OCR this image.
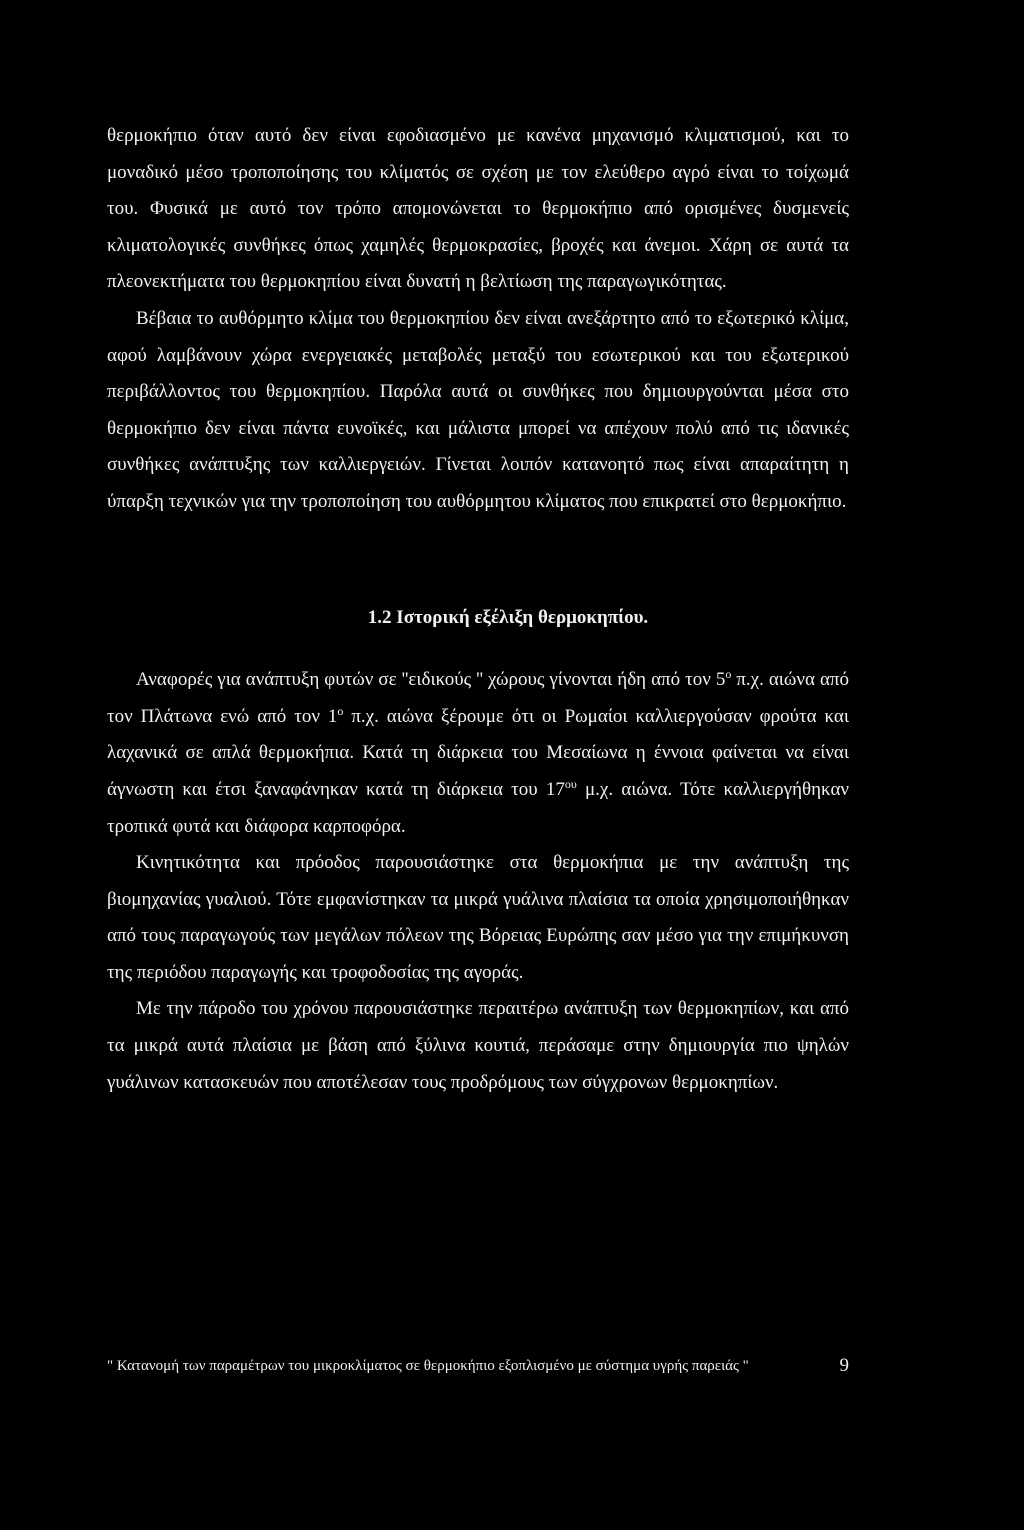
θερμοκήπιο όταν αυτό δεν είναι εφοδιασμένο με κανένα μηχανισμό κλιματισμού, και το μοναδικό μέσο τροποποίησης του κλίματός σε σχέση με τον ελεύθερο αγρό είναι το τοίχωμά του. Φυσικά με αυτό τον τρόπο απομονώνεται το θερμοκήπιο από ορισμένες δυσμενείς κλιματολογικές συνθήκες όπως χαμηλές θερμοκρασίες, βροχές και άνεμοι. Χάρη σε αυτά τα πλεονεκτήματα του θερμοκηπίου είναι δυνατή η βελτίωση της παραγωγικότητας.

Βέβαια το αυθόρμητο κλίμα του θερμοκηπίου δεν είναι ανεξάρτητο από το εξωτερικό κλίμα, αφού λαμβάνουν χώρα ενεργειακές μεταβολές μεταξύ του εσωτερικού και του εξωτερικού περιβάλλοντος του θερμοκηπίου. Παρόλα αυτά οι συνθήκες που δημιουργούνται μέσα στο θερμοκήπιο δεν είναι πάντα ευνοϊκές, και μάλιστα μπορεί να απέχουν πολύ από τις ιδανικές συνθήκες ανάπτυξης των καλλιεργειών. Γίνεται λοιπόν κατανοητό πως είναι απαραίτητη η ύπαρξη τεχνικών για την τροποποίηση του αυθόρμητου κλίματος που επικρατεί στο θερμοκήπιο.

1.2 Ιστορική εξέλιξη θερμοκηπίου.

Αναφορές για ανάπτυξη φυτών σε ''ειδικούς '' χώρους γίνονται ήδη από τον $5^o$ π.χ. αιώνα από τον Πλάτωνα ενώ από τον $1^o$ π.χ. αιώνα ξέρουμε ότι οι Ρωμαίοι καλλιεργούσαν φρούτα και λαχανικά σε απλά θερμοκήπια. Κατά τη διάρκεια του Μεσαίωνα η έννοια φαίνεται να είναι άγνωστη και έτσι ξαναφάνηκαν κατά τη διάρκεια του $17^{o\upsilon}$ μ.χ. αιώνα. Τότε καλλιεργήθηκαν τροπικά φυτά και διάφορα καρποφόρα.

Κινητικότητα και πρόοδος παρουσιάστηκε στα θερμοκήπια με την ανάπτυξη της βιομηχανίας γυαλιού. Τότε εμφανίστηκαν τα μικρά γυάλινα πλαίσια τα οποία χρησιμοποιήθηκαν από τους παραγωγούς των μεγάλων πόλεων της Βόρειας Ευρώπης σαν μέσο για την επιμήκυνση της περιόδου παραγωγής και τροφοδοσίας της αγοράς.

Με την πάροδο του χρόνου παρουσιάστηκε περαιτέρω ανάπτυξη των θερμοκηπίων, και από τα μικρά αυτά πλαίσια με βάση από ξύλινα κουτιά, περάσαμε στην δημιουργία πιο ψηλών γυάλινων κατασκευών που αποτέλεσαν τους προδρόμους των σύγχρονων θερμοκηπίων.

" Κατανομή των παραμέτρων του μικροκλίματος σε θερμοκήπιο εξοπλισμένο με σύστημα υγρής παρειάς "	9
